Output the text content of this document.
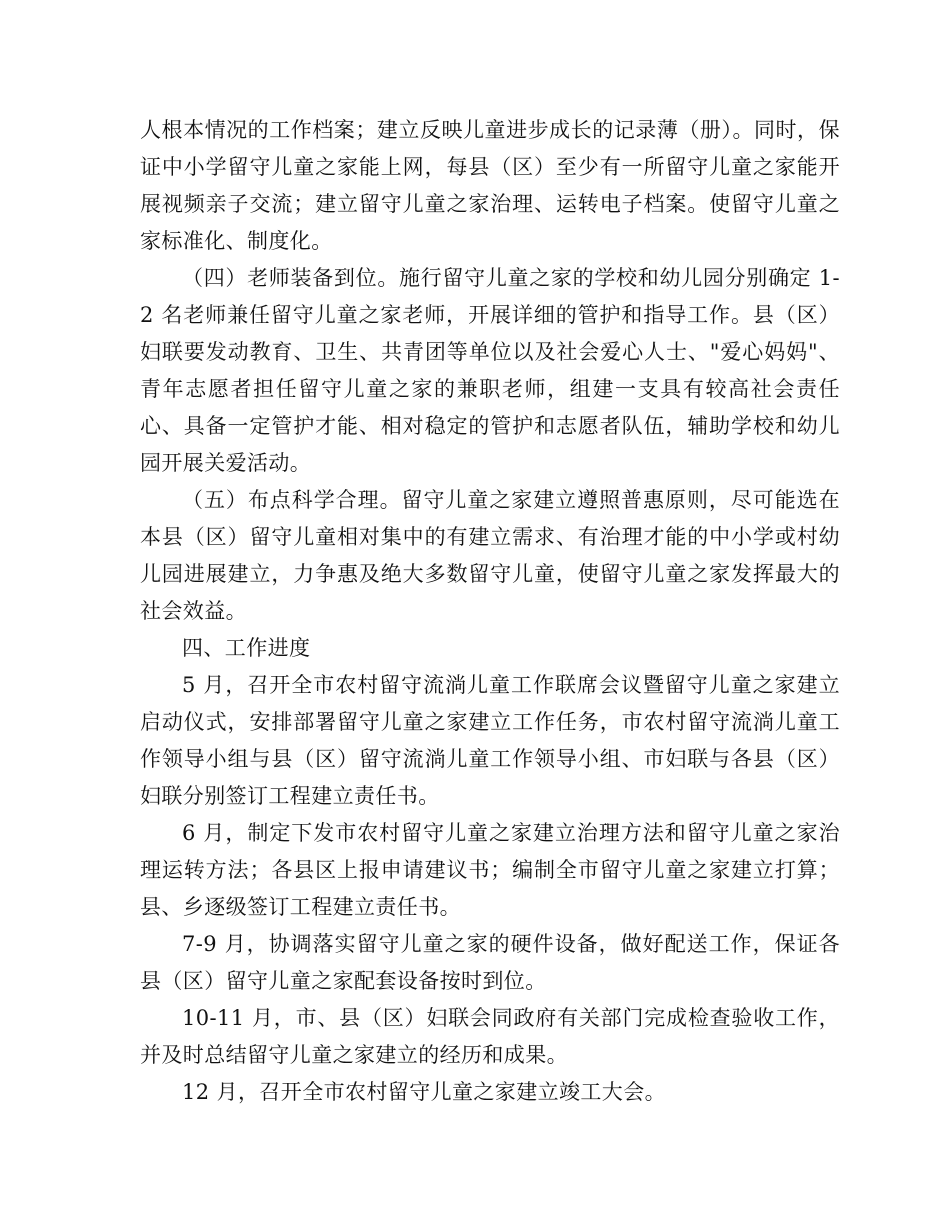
人根本情况的工作档案；建立反映儿童进步成长的记录薄（册）。同时，保证中小学留守儿童之家能上网，每县（区）至少有一所留守儿童之家能开展视频亲子交流；建立留守儿童之家治理、运转电子档案。使留守儿童之家标准化、制度化。

（四）老师装备到位。施行留守儿童之家的学校和幼儿园分别确定 1-2 名老师兼任留守儿童之家老师，开展详细的管护和指导工作。县（区）妇联要发动教育、卫生、共青团等单位以及社会爱心人士、"爱心妈妈"、青年志愿者担任留守儿童之家的兼职老师，组建一支具有较高社会责任心、具备一定管护才能、相对稳定的管护和志愿者队伍，辅助学校和幼儿园开展关爱活动。

（五）布点科学合理。留守儿童之家建立遵照普惠原则，尽可能选在本县（区）留守儿童相对集中的有建立需求、有治理才能的中小学或村幼儿园进展建立，力争惠及绝大多数留守儿童，使留守儿童之家发挥最大的社会效益。

四、工作进度

5 月，召开全市农村留守流淌儿童工作联席会议暨留守儿童之家建立启动仪式，安排部署留守儿童之家建立工作任务，市农村留守流淌儿童工作领导小组与县（区）留守流淌儿童工作领导小组、市妇联与各县（区）妇联分别签订工程建立责任书。

6 月，制定下发市农村留守儿童之家建立治理方法和留守儿童之家治理运转方法；各县区上报申请建议书；编制全市留守儿童之家建立打算；县、乡逐级签订工程建立责任书。

7-9 月，协调落实留守儿童之家的硬件设备，做好配送工作，保证各县（区）留守儿童之家配套设备按时到位。

10-11 月，市、县（区）妇联会同政府有关部门完成检查验收工作，并及时总结留守儿童之家建立的经历和成果。

12 月，召开全市农村留守儿童之家建立竣工大会。
